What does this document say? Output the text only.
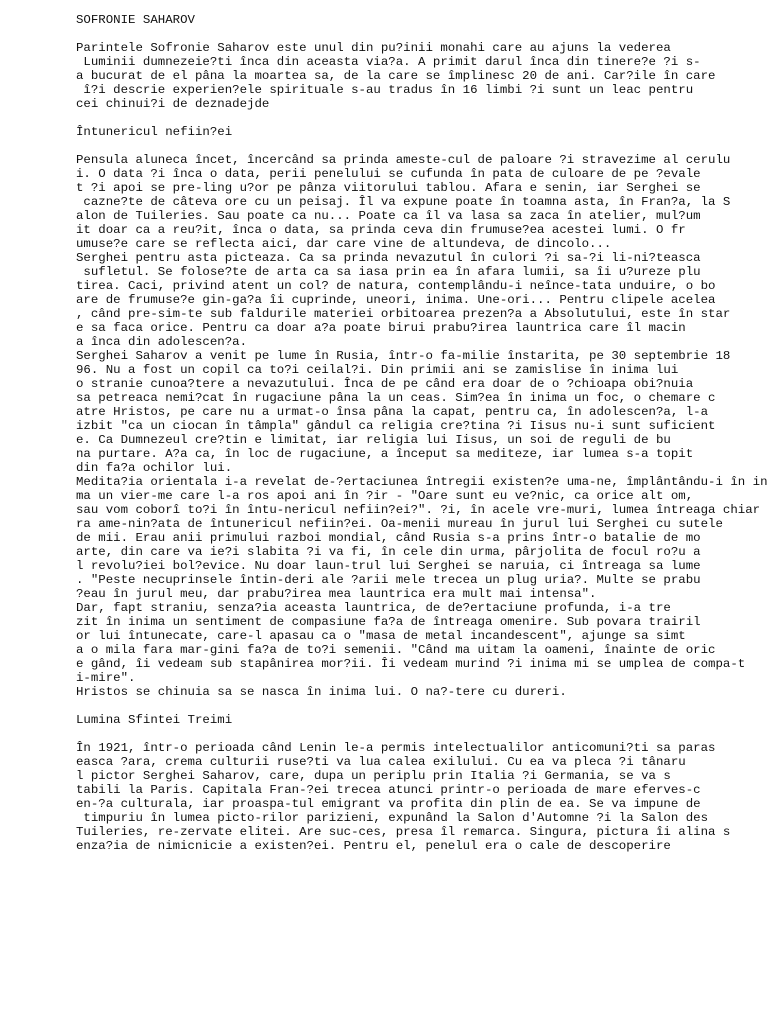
SOFRONIE SAHAROV
Parintele Sofronie Saharov este unul din pu?inii monahi care au ajuns la vederea
Luminii dumnezeie?ti înca din aceasta via?a. A primit darul înca din tinere?e ?i s-
a bucurat de el pâna la moartea sa, de la care se împlinesc 20 de ani. Car?ile în care
î?i descrie experien?ele spirituale s-au tradus în 16 limbi ?i sunt un leac pentru
cei chinui?i de deznadejde
Întunericul nefiin?ei
Pensula aluneca încet, încercând sa prinda ameste-cul de paloare ?i stravezime al cerulu
i. O data ?i înca o data, perii penelului se cufunda în pata de culoare de pe ?evale
t ?i apoi se pre-ling u?or pe pânza viitorului tablou. Afara e senin, iar Serghei se
cazne?te de câteva ore cu un peisaj. Îl va expune poate în toamna asta, în Fran?a, la S
alon de Tuileries. Sau poate ca nu... Poate ca îl va lasa sa zaca în atelier, mul?um
it doar ca a reu?it, înca o data, sa prinda ceva din frumuse?ea acestei lumi. O fr
umuse?e care se reflecta aici, dar care vine de altundeva, de dincolo...
Serghei pentru asta picteaza. Ca sa prinda nevazutul în culori ?i sa-?i li-ni?teasca
sufletul. Se folose?te de arta ca sa iasa prin ea în afara lumii, sa îi u?ureze plu
tirea. Caci, privind atent un col? de natura, contemplându-i neînce-tata unduire, o bo
are de frumuse?e gin-ga?a îi cuprinde, uneori, inima. Une-ori... Pentru clipele acelea
, când pre-sim-te sub faldurile materiei orbitoarea prezen?a a Absolutului, este în star
e sa faca orice. Pentru ca doar a?a poate birui prabu?irea launtrica care îl macin
a înca din adolescen?a.
Serghei Saharov a venit pe lume în Rusia, într-o fa-milie înstarita, pe 30 septembrie 18
96. Nu a fost un copil ca to?i ceilal?i. Din primii ani se zamislise în inima lui
o stranie cunoa?tere a nevazutului. Înca de pe când era doar de o ?chioapa obi?nuia
sa petreaca nemi?cat în rugaciune pâna la un ceas. Sim?ea în inima un foc, o chemare c
atre Hristos, pe care nu a urmat-o însa pâna la capat, pentru ca, în adolescen?a, l-a
izbit "ca un ciocan în tâmpla" gândul ca religia cre?tina ?i Iisus nu-i sunt suficient
e. Ca Dumnezeul cre?tin e limitat, iar religia lui Iisus, un soi de reguli de bu
na purtare. A?a ca, în loc de rugaciune, a început sa mediteze, iar lumea s-a topit
din fa?a ochilor lui.
Medita?ia orientala i-a revelat de-?ertaciunea întregii existen?e uma-ne, împlântându-i în in
ma un vier-me care l-a ros apoi ani în ?ir - "Oare sunt eu ve?nic, ca orice alt om,
sau vom coborî to?i în întu-nericul nefiin?ei?". ?i, în acele vre-muri, lumea întreaga chiar
ra ame-nin?ata de întunericul nefiin?ei. Oa-menii mureau în jurul lui Serghei cu sutele
de mii. Erau anii primului razboi mondial, când Rusia s-a prins într-o batalie de mo
arte, din care va ie?i slabita ?i va fi, în cele din urma, pârjolita de focul ro?u a
l revolu?iei bol?evice. Nu doar laun-trul lui Serghei se naruia, ci întreaga sa lume
. "Peste necuprinsele întin-deri ale ?arii mele trecea un plug uria?. Multe se prabu
?eau în jurul meu, dar prabu?irea mea launtrica era mult mai intensa".
Dar, fapt straniu, senza?ia aceasta launtrica, de de?ertaciune profunda, i-a tre
zit în inima un sentiment de compasiune fa?a de întreaga omenire. Sub povara trairil
or lui întunecate, care-l apasau ca o "masa de metal incandescent", ajunge sa simt
a o mila fara mar-gini fa?a de to?i semenii. "Când ma uitam la oameni, înainte de oric
e gând, îi vedeam sub stapânirea mor?ii. Îi vedeam murind ?i inima mi se umplea de compa-t
i-mire".
Hristos se chinuia sa se nasca în inima lui. O na?-tere cu dureri.
Lumina Sfintei Treimi
În 1921, într-o perioada când Lenin le-a permis intelectualilor anticomuni?ti sa paras
easca ?ara, crema culturii ruse?ti va lua calea exilului. Cu ea va pleca ?i tânaru
l pictor Serghei Saharov, care, dupa un periplu prin Italia ?i Germania, se va s
tabili la Paris. Capitala Fran-?ei trecea atunci printr-o perioada de mare eferves-c
en-?a culturala, iar proaspa-tul emigrant va profita din plin de ea. Se va impune de
timpuriu în lumea picto-rilor parizieni, expunând la Salon d'Automne ?i la Salon des
Tuileries, re-zervate elitei. Are suc-ces, presa îl remarca. Singura, pictura îi alina s
enza?ia de nimicnicie a existen?ei. Pentru el, penelul era o cale de descoperire
